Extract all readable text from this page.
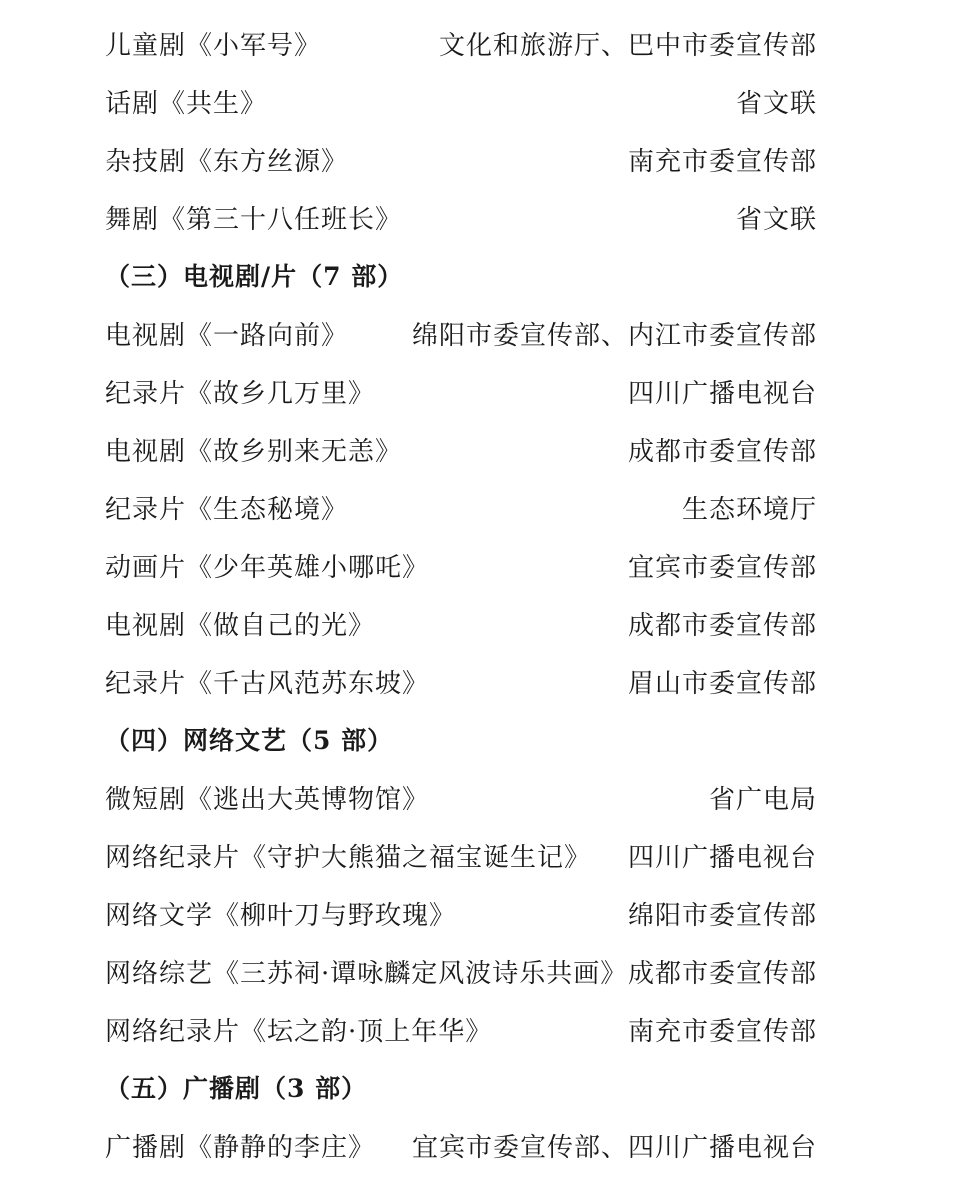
儿童剧《小军号》	文化和旅游厅、巴中市委宣传部
话剧《共生》	省文联
杂技剧《东方丝源》	南充市委宣传部
舞剧《第三十八任班长》	省文联
（三）电视剧/片（7 部）
电视剧《一路向前》 绵阳市委宣传部、内江市委宣传部
纪录片《故乡几万里》	四川广播电视台
电视剧《故乡别来无恙》	成都市委宣传部
纪录片《生态秘境》	生态环境厅
动画片《少年英雄小哪吒》	宜宾市委宣传部
电视剧《做自己的光》	成都市委宣传部
纪录片《千古风范苏东坡》	眉山市委宣传部
（四）网络文艺（5 部）
微短剧《逃出大英博物馆》	省广电局
网络纪录片《守护大熊猫之福宝诞生记》 四川广播电视台
网络文学《柳叶刀与野玫瑰》	绵阳市委宣传部
网络综艺《三苏祠·谭咏麟定风波诗乐共画》 成都市委宣传部
网络纪录片《坛之韵·顶上年华》	南充市委宣传部
（五）广播剧（3 部）
广播剧《静静的李庄》 宜宾市委宣传部、四川广播电视台
